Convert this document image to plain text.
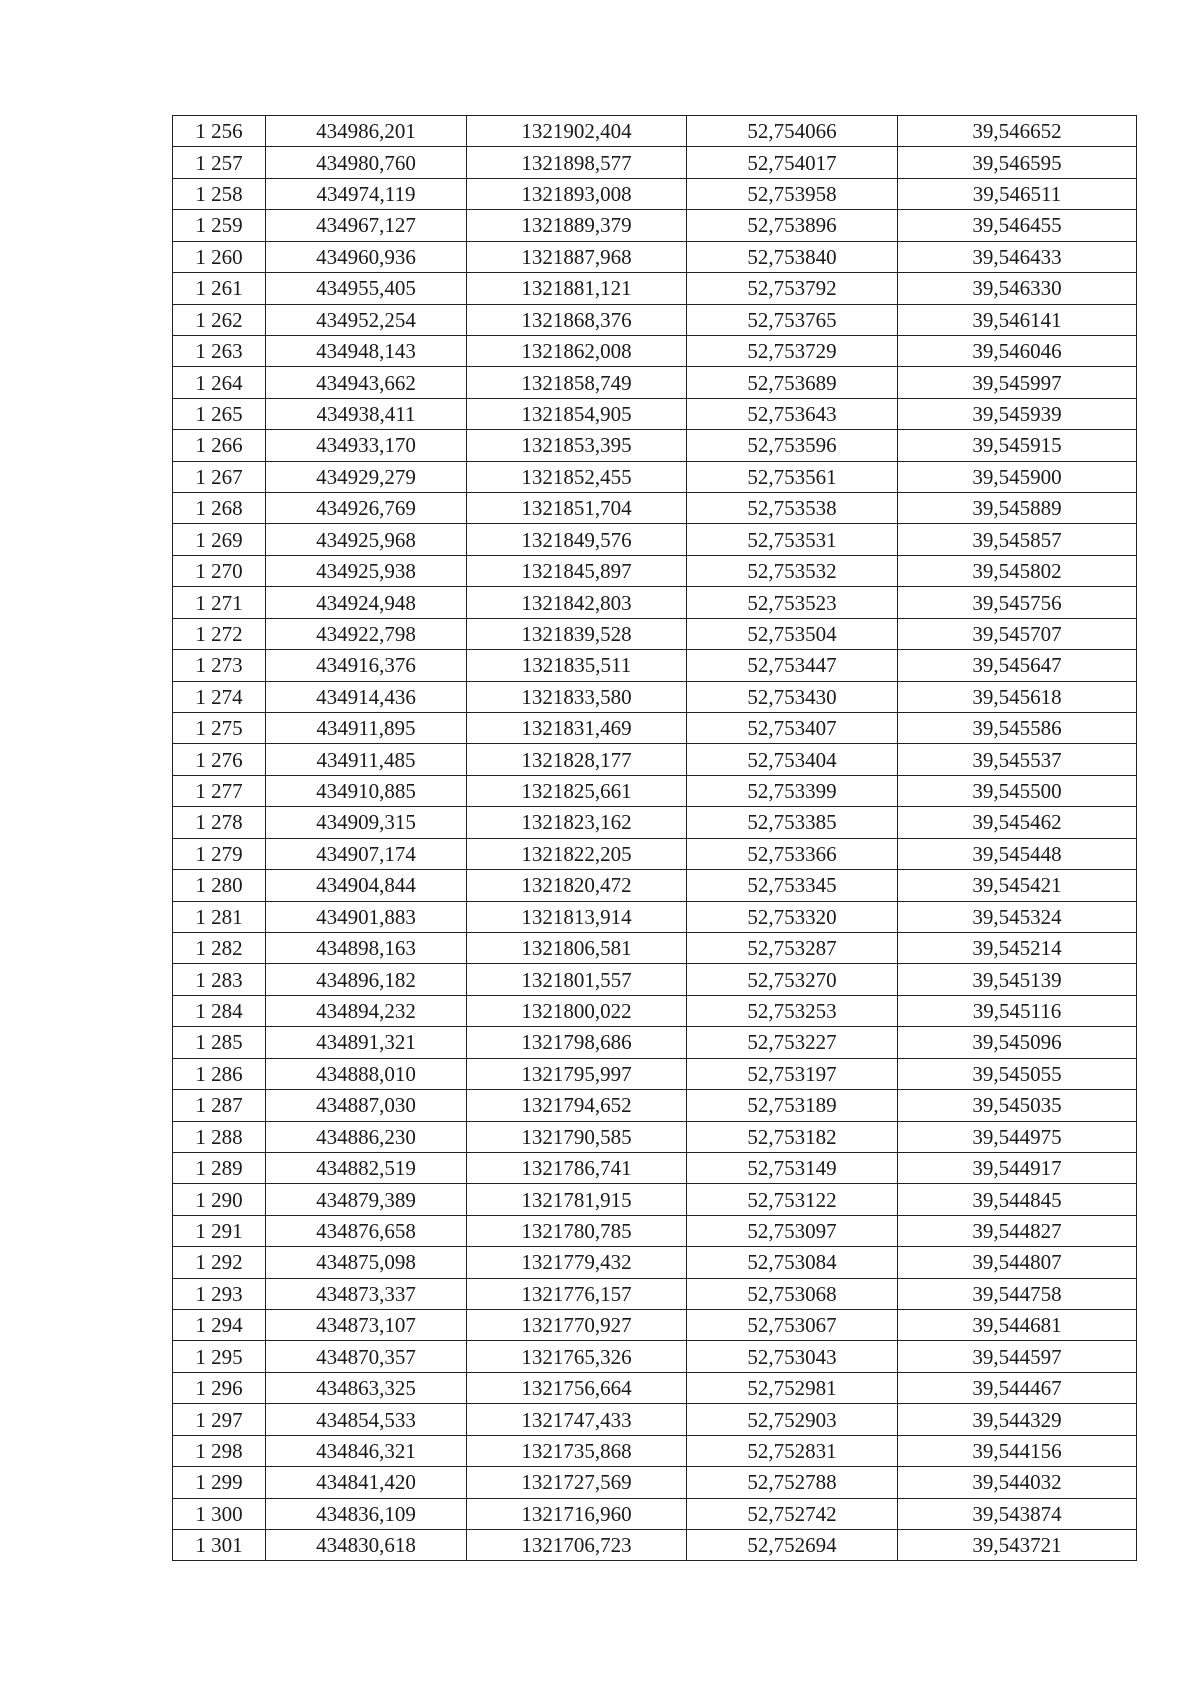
1 256	434986,201	1321902,404	52,754066	39,546652
1 257	434980,760	1321898,577	52,754017	39,546595
1 258	434974,119	1321893,008	52,753958	39,546511
1 259	434967,127	1321889,379	52,753896	39,546455
1 260	434960,936	1321887,968	52,753840	39,546433
1 261	434955,405	1321881,121	52,753792	39,546330
1 262	434952,254	1321868,376	52,753765	39,546141
1 263	434948,143	1321862,008	52,753729	39,546046
1 264	434943,662	1321858,749	52,753689	39,545997
1 265	434938,411	1321854,905	52,753643	39,545939
1 266	434933,170	1321853,395	52,753596	39,545915
1 267	434929,279	1321852,455	52,753561	39,545900
1 268	434926,769	1321851,704	52,753538	39,545889
1 269	434925,968	1321849,576	52,753531	39,545857
1 270	434925,938	1321845,897	52,753532	39,545802
1 271	434924,948	1321842,803	52,753523	39,545756
1 272	434922,798	1321839,528	52,753504	39,545707
1 273	434916,376	1321835,511	52,753447	39,545647
1 274	434914,436	1321833,580	52,753430	39,545618
1 275	434911,895	1321831,469	52,753407	39,545586
1 276	434911,485	1321828,177	52,753404	39,545537
1 277	434910,885	1321825,661	52,753399	39,545500
1 278	434909,315	1321823,162	52,753385	39,545462
1 279	434907,174	1321822,205	52,753366	39,545448
1 280	434904,844	1321820,472	52,753345	39,545421
1 281	434901,883	1321813,914	52,753320	39,545324
1 282	434898,163	1321806,581	52,753287	39,545214
1 283	434896,182	1321801,557	52,753270	39,545139
1 284	434894,232	1321800,022	52,753253	39,545116
1 285	434891,321	1321798,686	52,753227	39,545096
1 286	434888,010	1321795,997	52,753197	39,545055
1 287	434887,030	1321794,652	52,753189	39,545035
1 288	434886,230	1321790,585	52,753182	39,544975
1 289	434882,519	1321786,741	52,753149	39,544917
1 290	434879,389	1321781,915	52,753122	39,544845
1 291	434876,658	1321780,785	52,753097	39,544827
1 292	434875,098	1321779,432	52,753084	39,544807
1 293	434873,337	1321776,157	52,753068	39,544758
1 294	434873,107	1321770,927	52,753067	39,544681
1 295	434870,357	1321765,326	52,753043	39,544597
1 296	434863,325	1321756,664	52,752981	39,544467
1 297	434854,533	1321747,433	52,752903	39,544329
1 298	434846,321	1321735,868	52,752831	39,544156
1 299	434841,420	1321727,569	52,752788	39,544032
1 300	434836,109	1321716,960	52,752742	39,543874
1 301	434830,618	1321706,723	52,752694	39,543721
